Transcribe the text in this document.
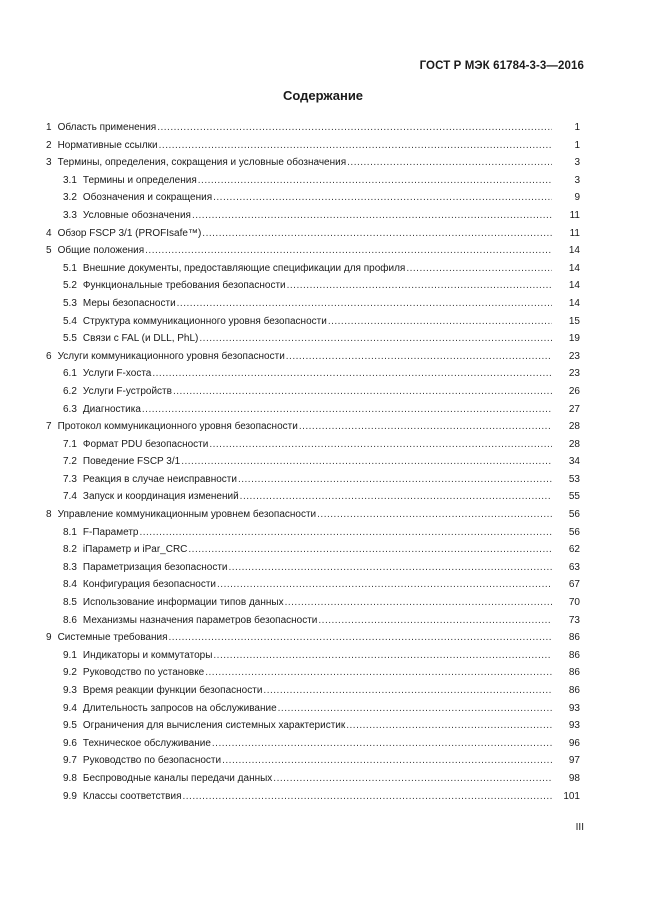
ГОСТ Р МЭК 61784-3-3—2016
Содержание
1 Область применения .....	1
2 Нормативные ссылки .....	1
3 Термины, определения, сокращения и условные обозначения .....	3
3.1 Термины и определения .....	3
3.2 Обозначения и сокращения .....	9
3.3 Условные обозначения .....	11
4 Обзор FSCP 3/1 (PROFIsafe™) .....	11
5 Общие положения .....	14
5.1 Внешние документы, предоставляющие спецификации для профиля .....	14
5.2 Функциональные требования безопасности .....	14
5.3 Меры безопасности .....	14
5.4 Структура коммуникационного уровня безопасности .....	15
5.5 Связи с FAL (и DLL, PhL) .....	19
6 Услуги коммуникационного уровня безопасности .....	23
6.1 Услуги F-хоста .....	23
6.2 Услуги F-устройств .....	26
6.3 Диагностика .....	27
7 Протокол коммуникационного уровня безопасности .....	28
7.1 Формат PDU безопасности .....	28
7.2 Поведение FSCP 3/1 .....	34
7.3 Реакция в случае неисправности .....	53
7.4 Запуск и координация изменений .....	55
8 Управление коммуникационным уровнем безопасности .....	56
8.1 F-Параметр .....	56
8.2 iПараметр и iPar_CRC .....	62
8.3 Параметризация безопасности .....	63
8.4 Конфигурация безопасности .....	67
8.5 Использование информации типов данных .....	70
8.6 Механизмы назначения параметров безопасности .....	73
9 Системные требования .....	86
9.1 Индикаторы и коммутаторы .....	86
9.2 Руководство по установке .....	86
9.3 Время реакции функции безопасности .....	86
9.4 Длительность запросов на обслуживание .....	93
9.5 Ограничения для вычисления системных характеристик .....	93
9.6 Техническое обслуживание .....	96
9.7 Руководство по безопасности .....	97
9.8 Беспроводные каналы передачи данных .....	98
9.9 Классы соответствия .....	101
III
